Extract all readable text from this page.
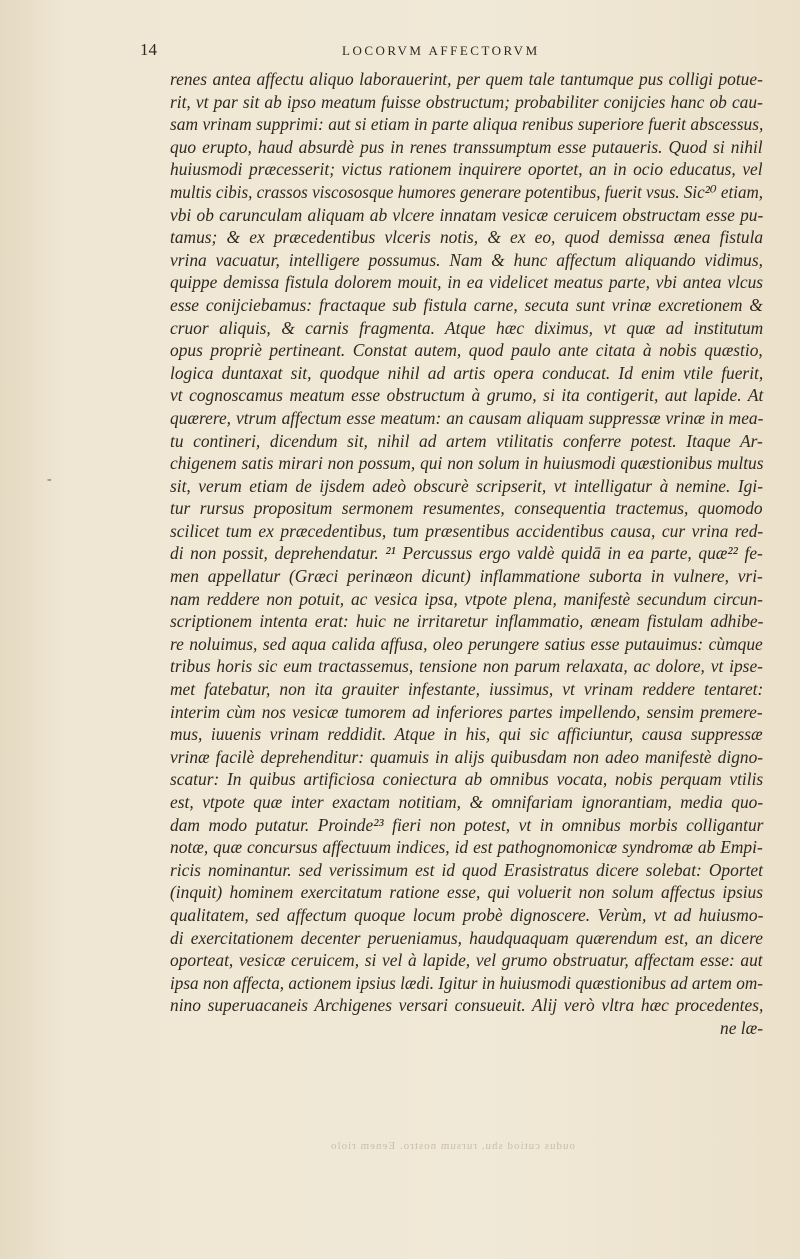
14	LOCORVM AFFECTORVM
-
renes antea affectu aliquo laborauerint, per quem tale tantumque pus colligi potue-
rit, vt par sit ab ipso meatum fuisse obstructum; probabiliter conijcies hanc ob cau-
sam vrinam supprimi: aut si etiam in parte aliqua renibus superiore fuerit abscessus,
quo erupto, haud absurdè pus in renes transsumptum esse putaueris. Quod si nihil
huiusmodi præcesserit; victus rationem inquirere oportet, an in ocio educatus, vel
multis cibis, crassos viscososque humores generare potentibus, fuerit vsus. Sic²⁰ etiam,
vbi ob carunculam aliquam ab vlcere innatam vesicæ ceruicem obstructam esse pu-
tamus; & ex præcedentibus vlceris notis, & ex eo, quod demissa ænea fistula
vrina vacuatur, intelligere possumus. Nam & hunc affectum aliquando vidimus,
quippe demissa fistula dolorem mouit, in ea videlicet meatus parte, vbi antea vlcus
esse conijciebamus: fractaque sub fistula carne, secuta sunt vrinæ excretionem &
cruor aliquis, & carnis fragmenta. Atque hæc diximus, vt quæ ad institutum
opus propriè pertineant. Constat autem, quod paulo ante citata à nobis quæstio,
logica duntaxat sit, quodque nihil ad artis opera conducat. Id enim vtile fuerit,
vt cognoscamus meatum esse obstructum à grumo, si ita contigerit, aut lapide. At
quærere, vtrum affectum esse meatum: an causam aliquam suppressæ vrinæ in mea-
tu contineri, dicendum sit, nihil ad artem vtilitatis conferre potest. Itaque Ar-
chigenem satis mirari non possum, qui non solum in huiusmodi quæstionibus multus
sit, verum etiam de ijsdem adeò obscurè scripserit, vt intelligatur à nemine. Igi-
tur rursus propositum sermonem resumentes, consequentia tractemus, quomodo
scilicet tum ex præcedentibus, tum præsentibus accidentibus causa, cur vrina red-
di non possit, deprehendatur. ²¹ Percussus ergo valdè quidā in ea parte, quæ²² fe-
men appellatur (Græci perinæon dicunt) inflammatione suborta in vulnere, vri-
nam reddere non potuit, ac vesica ipsa, vtpote plena, manifestè secundum circun-
scriptionem intenta erat: huic ne irritaretur inflammatio, æneam fistulam adhibe-
re noluimus, sed aqua calida affusa, oleo perungere satius esse putauimus: cùmque
tribus horis sic eum tractassemus, tensione non parum relaxata, ac dolore, vt ipse-
met fatebatur, non ita grauiter infestante, iussimus, vt vrinam reddere tentaret:
interim cùm nos vesicæ tumorem ad inferiores partes impellendo, sensim premere-
mus, iuuenis vrinam reddidit. Atque in his, qui sic afficiuntur, causa suppressæ
vrinæ facilè deprehenditur: quamuis in alijs quibusdam non adeo manifestè digno-
scatur: In quibus artificiosa coniectura ab omnibus vocata, nobis perquam vtilis
est, vtpote quæ inter exactam notitiam, & omnifariam ignorantiam, media quo-
dam modo putatur. Proinde²³ fieri non potest, vt in omnibus morbis colligantur
notæ, quæ concursus affectuum indices, id est pathognomonicæ syndromæ ab Empi-
ricis nominantur. sed verissimum est id quod Erasistratus dicere solebat: Oportet
(inquit) hominem exercitatum ratione esse, qui voluerit non solum affectus ipsius
qualitatem, sed affectum quoque locum probè dignoscere. Verùm, vt ad huiusmo-
di exercitationem decenter perueniamus, haudquaquam quærendum est, an dicere
oporteat, vesicæ ceruicem, si vel à lapide, vel grumo obstruatur, affectam esse: aut
ipsa non affecta, actionem ipsius lædi. Igitur in huiusmodi quæstionibus ad artem om-
nino superuacaneis Archigenes versari consueuit. Alij verò vltra hæc procedentes,
ne læ-
oudus cutiod shu. rursum nostro. Eenem riolo
